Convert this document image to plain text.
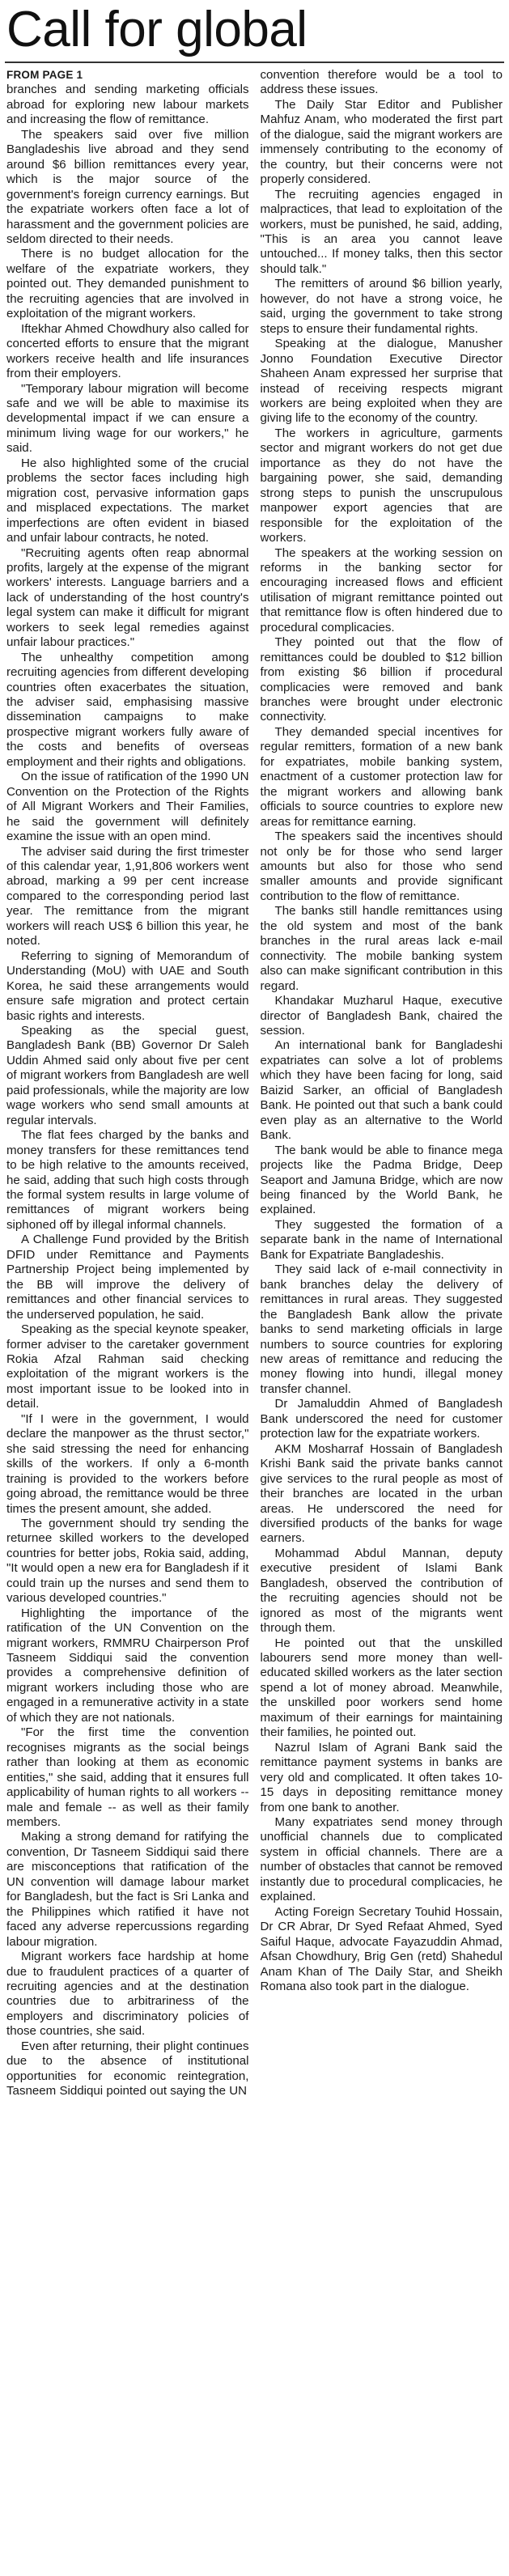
Call for global

FROM PAGE 1
branches and sending marketing officials abroad for exploring new labour markets and increasing the flow of remittance.

The speakers said over five million Bangladeshis live abroad and they send around $6 billion remittances every year, which is the major source of the government's foreign currency earnings. But the expatriate workers often face a lot of harassment and the government policies are seldom directed to their needs.

There is no budget allocation for the welfare of the expatriate workers, they pointed out. They demanded punishment to the recruiting agencies that are involved in exploitation of the migrant workers.

Iftekhar Ahmed Chowdhury also called for concerted efforts to ensure that the migrant workers receive health and life insurances from their employers.

"Temporary labour migration will become safe and we will be able to maximise its developmental impact if we can ensure a minimum living wage for our workers," he said.

He also highlighted some of the crucial problems the sector faces including high migration cost, pervasive information gaps and misplaced expectations. The market imperfections are often evident in biased and unfair labour contracts, he noted.

"Recruiting agents often reap abnormal profits, largely at the expense of the migrant workers' interests. Language barriers and a lack of understanding of the host country's legal system can make it difficult for migrant workers to seek legal remedies against unfair labour practices."

The unhealthy competition among recruiting agencies from different developing countries often exacerbates the situation, the adviser said, emphasising massive dissemination campaigns to make prospective migrant workers fully aware of the costs and benefits of overseas employment and their rights and obligations.

On the issue of ratification of the 1990 UN Convention on the Protection of the Rights of All Migrant Workers and Their Families, he said the government will definitely examine the issue with an open mind.

The adviser said during the first trimester of this calendar year, 1,91,806 workers went abroad, marking a 99 per cent increase compared to the corresponding period last year. The remittance from the migrant workers will reach US$ 6 billion this year, he noted.

Referring to signing of Memorandum of Understanding (MoU) with UAE and South Korea, he said these arrangements would ensure safe migration and protect certain basic rights and interests.

Speaking as the special guest, Bangladesh Bank (BB) Governor Dr Saleh Uddin Ahmed said only about five per cent of migrant workers from Bangladesh are well paid professionals, while the majority are low wage workers who send small amounts at regular intervals.

The flat fees charged by the banks and money transfers for these remittances tend to be high relative to the amounts received, he said, adding that such high costs through the formal system results in large volume of remittances of migrant workers being siphoned off by illegal informal channels.

A Challenge Fund provided by the British DFID under Remittance and Payments Partnership Project being implemented by the BB will improve the delivery of remittances and other financial services to the underserved population, he said.

Speaking as the special keynote speaker, former adviser to the caretaker government Rokia Afzal Rahman said checking exploitation of the migrant workers is the most important issue to be looked into in detail.

"If I were in the government, I would declare the manpower as the thrust sector," she said stressing the need for enhancing skills of the workers. If only a 6-month training is provided to the workers before going abroad, the remittance would be three times the present amount, she added.

The government should try sending the returnee skilled workers to the developed countries for better jobs, Rokia said, adding, "It would open a new era for Bangladesh if it could train up the nurses and send them to various developed countries."

Highlighting the importance of the ratification of the UN Convention on the migrant workers, RMMRU Chairperson Prof Tasneem Siddiqui said the convention provides a comprehensive definition of migrant workers including those who are engaged in a remunerative activity in a state of which they are not nationals.

"For the first time the convention recognises migrants as the social beings rather than looking at them as economic entities," she said, adding that it ensures full applicability of human rights to all workers -- male and female -- as well as their family members.

Making a strong demand for ratifying the convention, Dr Tasneem Siddiqui said there are misconceptions that ratification of the UN convention will damage labour market for Bangladesh, but the fact is Sri Lanka and the Philippines which ratified it have not faced any adverse repercussions regarding labour migration.

Migrant workers face hardship at home due to fraudulent practices of a quarter of recruiting agencies and at the destination countries due to arbitrariness of the employers and discriminatory policies of those countries, she said.

Even after returning, their plight continues due to the absence of institutional opportunities for economic reintegration, Tasneem Siddiqui pointed out saying the UN

convention therefore would be a tool to address these issues.

The Daily Star Editor and Publisher Mahfuz Anam, who moderated the first part of the dialogue, said the migrant workers are immensely contributing to the economy of the country, but their concerns were not properly considered.

The recruiting agencies engaged in malpractices, that lead to exploitation of the workers, must be punished, he said, adding, "This is an area you cannot leave untouched... If money talks, then this sector should talk."

The remitters of around $6 billion yearly, however, do not have a strong voice, he said, urging the government to take strong steps to ensure their fundamental rights.

Speaking at the dialogue, Manusher Jonno Foundation Executive Director Shaheen Anam expressed her surprise that instead of receiving respects migrant workers are being exploited when they are giving life to the economy of the country.

The workers in agriculture, garments sector and migrant workers do not get due importance as they do not have the bargaining power, she said, demanding strong steps to punish the unscrupulous manpower export agencies that are responsible for the exploitation of the workers.

The speakers at the working session on reforms in the banking sector for encouraging increased flows and efficient utilisation of migrant remittance pointed out that remittance flow is often hindered due to procedural complicacies.

They pointed out that the flow of remittances could be doubled to $12 billion from existing $6 billion if procedural complicacies were removed and bank branches were brought under electronic connectivity.

They demanded special incentives for regular remitters, formation of a new bank for expatriates, mobile banking system, enactment of a customer protection law for the migrant workers and allowing bank officials to source countries to explore new areas for remittance earning.

The speakers said the incentives should not only be for those who send larger amounts but also for those who send smaller amounts and provide significant contribution to the flow of remittance.

The banks still handle remittances using the old system and most of the bank branches in the rural areas lack e-mail connectivity. The mobile banking system also can make significant contribution in this regard.

Khandakar Muzharul Haque, executive director of Bangladesh Bank, chaired the session.

An international bank for Bangladeshi expatriates can solve a lot of problems which they have been facing for long, said Baizid Sarker, an official of Bangladesh Bank. He pointed out that such a bank could even play as an alternative to the World Bank.

The bank would be able to finance mega projects like the Padma Bridge, Deep Seaport and Jamuna Bridge, which are now being financed by the World Bank, he explained.

They suggested the formation of a separate bank in the name of International Bank for Expatriate Bangladeshis.

They said lack of e-mail connectivity in bank branches delay the delivery of remittances in rural areas. They suggested the Bangladesh Bank allow the private banks to send marketing officials in large numbers to source countries for exploring new areas of remittance and reducing the money flowing into hundi, illegal money transfer channel.

Dr Jamaluddin Ahmed of Bangladesh Bank underscored the need for customer protection law for the expatriate workers.

AKM Mosharraf Hossain of Bangladesh Krishi Bank said the private banks cannot give services to the rural people as most of their branches are located in the urban areas. He underscored the need for diversified products of the banks for wage earners.

Mohammad Abdul Mannan, deputy executive president of Islami Bank Bangladesh, observed the contribution of the recruiting agencies should not be ignored as most of the migrants went through them.

He pointed out that the unskilled labourers send more money than well-educated skilled workers as the later section spend a lot of money abroad. Meanwhile, the unskilled poor workers send home maximum of their earnings for maintaining their families, he pointed out.

Nazrul Islam of Agrani Bank said the remittance payment systems in banks are very old and complicated. It often takes 10-15 days in depositing remittance money from one bank to another.

Many expatriates send money through unofficial channels due to complicated system in official channels. There are a number of obstacles that cannot be removed instantly due to procedural complicacies, he explained.

Acting Foreign Secretary Touhid Hossain, Dr CR Abrar, Dr Syed Refaat Ahmed, Syed Saiful Haque, advocate Fayazuddin Ahmad, Afsan Chowdhury, Brig Gen (retd) Shahedul Anam Khan of The Daily Star, and Sheikh Romana also took part in the dialogue.
